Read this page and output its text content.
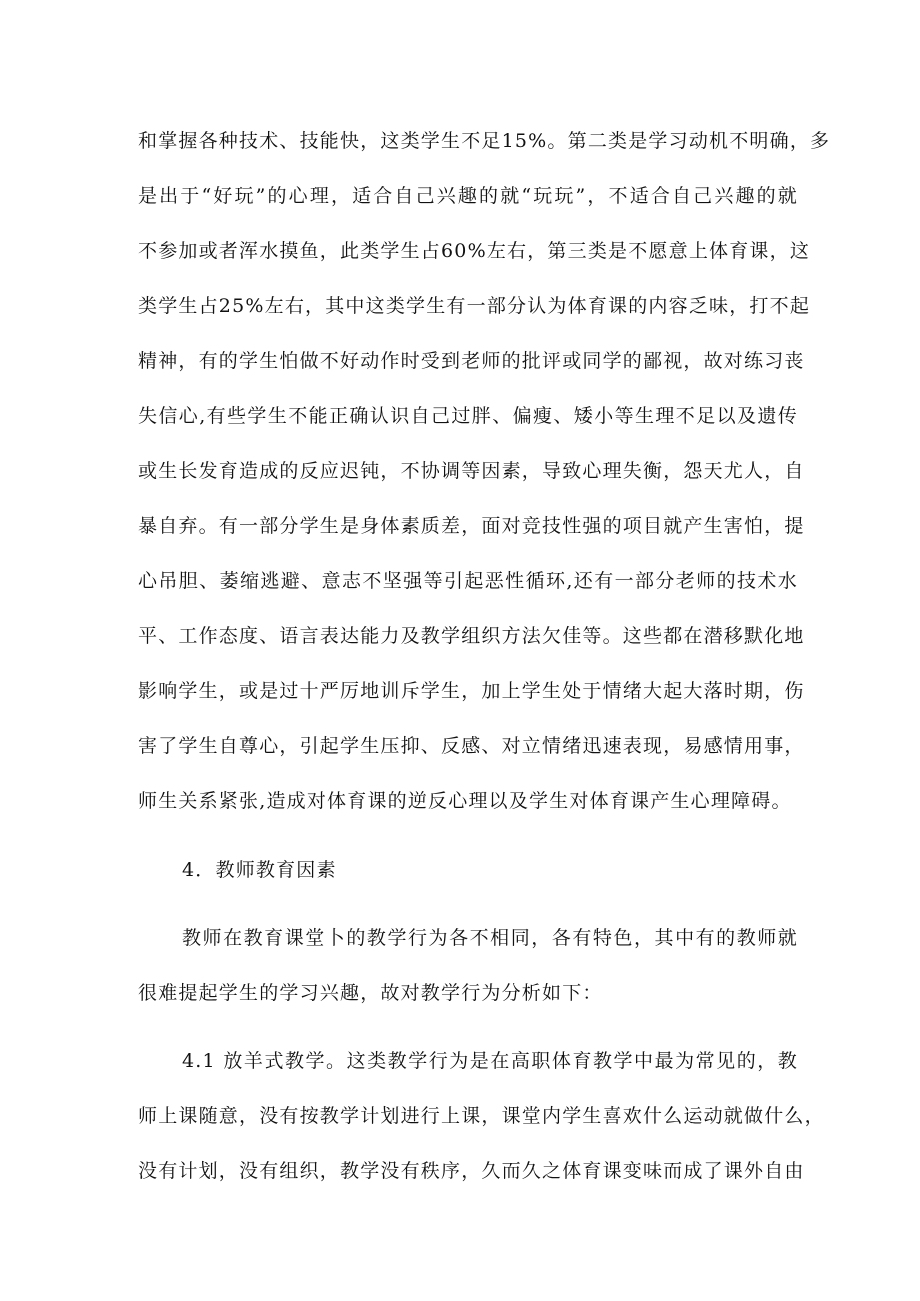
和掌握各种技术、技能快，这类学生不足15%。第二类是学习动机不明确，多
是出于“好玩”的心理，适合自己兴趣的就“玩玩”，不适合自己兴趣的就
不参加或者浑水摸鱼，此类学生占60%左右，第三类是不愿意上体育课，这
类学生占25%左右，其中这类学生有一部分认为体育课的内容乏味，打不起
精神，有的学生怕做不好动作时受到老师的批评或同学的鄙视，故对练习丧
失信心,有些学生不能正确认识自己过胖、偏瘦、矮小等生理不足以及遗传
或生长发育造成的反应迟钝，不协调等因素，导致心理失衡，怨天尤人，自
暴自弃。有一部分学生是身体素质差，面对竞技性强的项目就产生害怕，提
心吊胆、萎缩逃避、意志不坚强等引起恶性循环,还有一部分老师的技术水
平、工作态度、语言表达能力及教学组织方法欠佳等。这些都在潜移默化地
影响学生，或是过十严厉地训斥学生，加上学生处于情绪大起大落时期，伤
害了学生自尊心，引起学生压抑、反感、对立情绪迅速表现，易感情用事，
师生关系紧张,造成对体育课的逆反心理以及学生对体育课产生心理障碍。
4．教师教育因素
教师在教育课堂卜的教学行为各不相同，各有特色，其中有的教师就
很难提起学生的学习兴趣，故对教学行为分析如下：
4.1 放羊式教学。这类教学行为是在高职体育教学中最为常见的，教
师上课随意，没有按教学计划进行上课，课堂内学生喜欢什么运动就做什么，
没有计划，没有组织，教学没有秩序，久而久之体育课变味而成了课外自由
